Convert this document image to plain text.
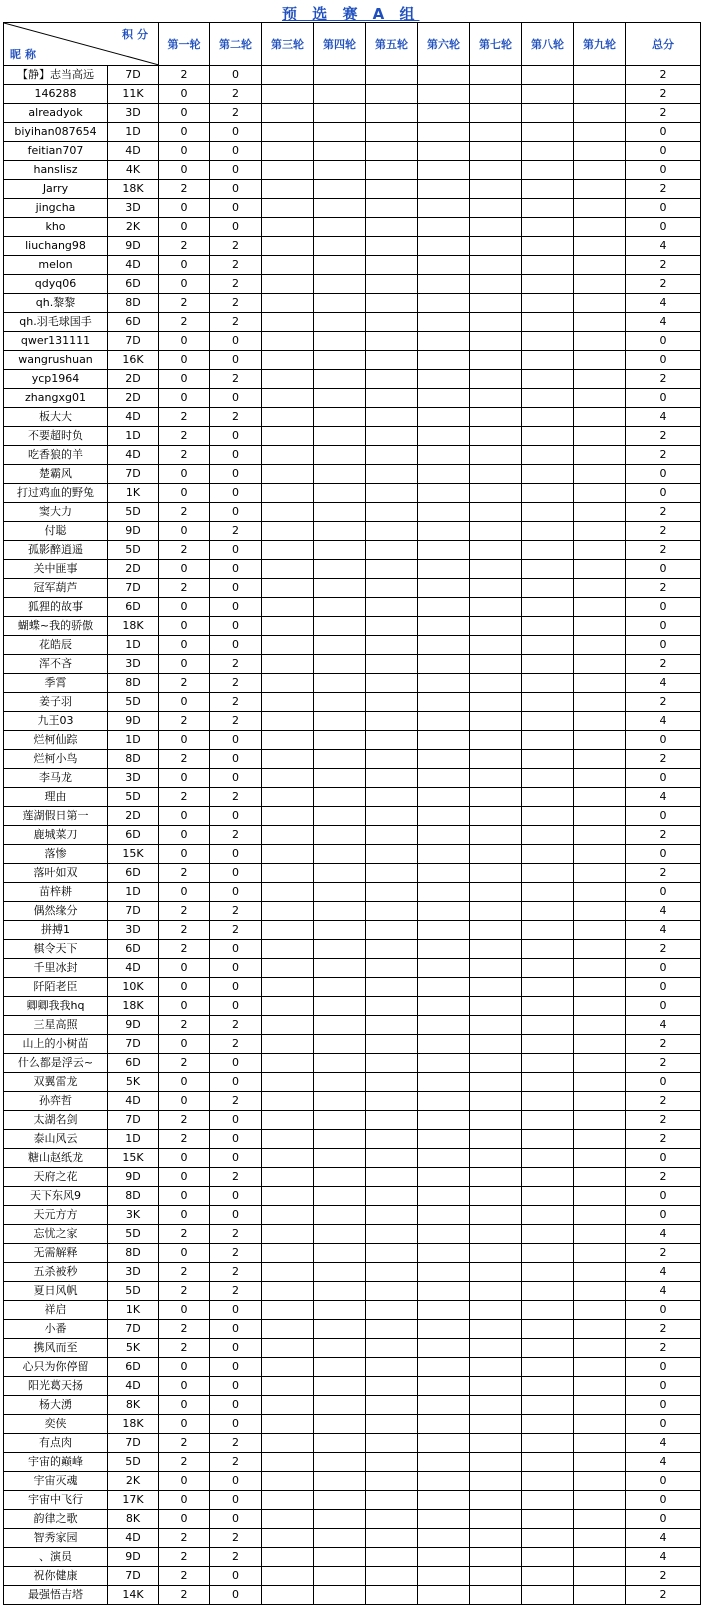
预 选 赛 A 组
积分
昵称		第一轮	第二轮	第三轮	第四轮	第五轮	第六轮	第七轮	第八轮	第九轮	总分
【静】志当高远	7D	2	0								2
146288	11K	0	2								2
alreadyok	3D	0	2								2
biyihan087654	1D	0	0								0
feitian707	4D	0	0								0
hanslisz	4K	0	0								0
Jarry	18K	2	0								2
jingcha	3D	0	0								0
kho	2K	0	0								0
liuchang98	9D	2	2								4
melon	4D	0	2								2
qdyq06	6D	0	2								2
qh.黎黎	8D	2	2								4
qh.羽毛球国手	6D	2	2								4
qwer131111	7D	0	0								0
wangrushuan	16K	0	0								0
ycp1964	2D	0	2								2
zhangxg01	2D	0	0								0
板大大	4D	2	2								4
不要超时负	1D	2	0								2
吃香狼的羊	4D	2	0								2
楚霸风	7D	0	0								0
打过鸡血的野兔	1K	0	0								0
窦大力	5D	2	0								2
付聪	9D	0	2								2
孤影醉逍遥	5D	2	0								2
关中匪事	2D	0	0								0
冠军葫芦	7D	2	0								2
狐狸的故事	6D	0	0								0
蝴蝶~我的骄傲	18K	0	0								0
花皓辰	1D	0	0								0
浑不吝	3D	0	2								2
季霄	8D	2	2								4
姜子羽	5D	0	2								2
九王03	9D	2	2								4
烂柯仙踪	1D	0	0								0
烂柯小鸟	8D	2	0								2
李马龙	3D	0	0								0
理由	5D	2	2								4
莲湖假日第一	2D	0	0								0
鹿城菜刀	6D	0	2								2
落惨	15K	0	0								0
落叶如双	6D	2	0								2
苗梓耕	1D	0	0								0
偶然缘分	7D	2	2								4
拼搏1	3D	2	2								4
棋令天下	6D	2	0								2
千里冰封	4D	0	0								0
阡陌老臣	10K	0	0								0
卿卿我我hq	18K	0	0								0
三星高照	9D	2	2								4
山上的小树苗	7D	0	2								2
什么都是浮云~	6D	2	0								2
双翼雷龙	5K	0	0								0
孙弈哲	4D	0	2								2
太湖名剑	7D	2	0								2
泰山风云	1D	2	0								2
糖山赵纸龙	15K	0	0								0
天府之花	9D	0	2								2
天下东风9	8D	0	0								0
天元方方	3K	0	0								0
忘忧之家	5D	2	2								4
无需解释	8D	0	2								2
五杀被秒	3D	2	2								4
夏日风帆	5D	2	2								4
祥启	1K	0	0								0
小番	7D	2	0								2
携风而至	5K	2	0								2
心只为你停留	6D	0	0								0
阳光葛天扬	4D	0	0								0
杨大湧	8K	0	0								0
奕侠	18K	0	0								0
有点肉	7D	2	2								4
宇宙的巅峰	5D	2	2								4
宇宙灭魂	2K	0	0								0
宇宙中飞行	17K	0	0								0
韵律之歌	8K	0	0								0
智秀家园	4D	2	2								4
、演员	9D	2	2								4
祝你健康	7D	2	0								2
最强悟吉塔	14K	2	0								2
